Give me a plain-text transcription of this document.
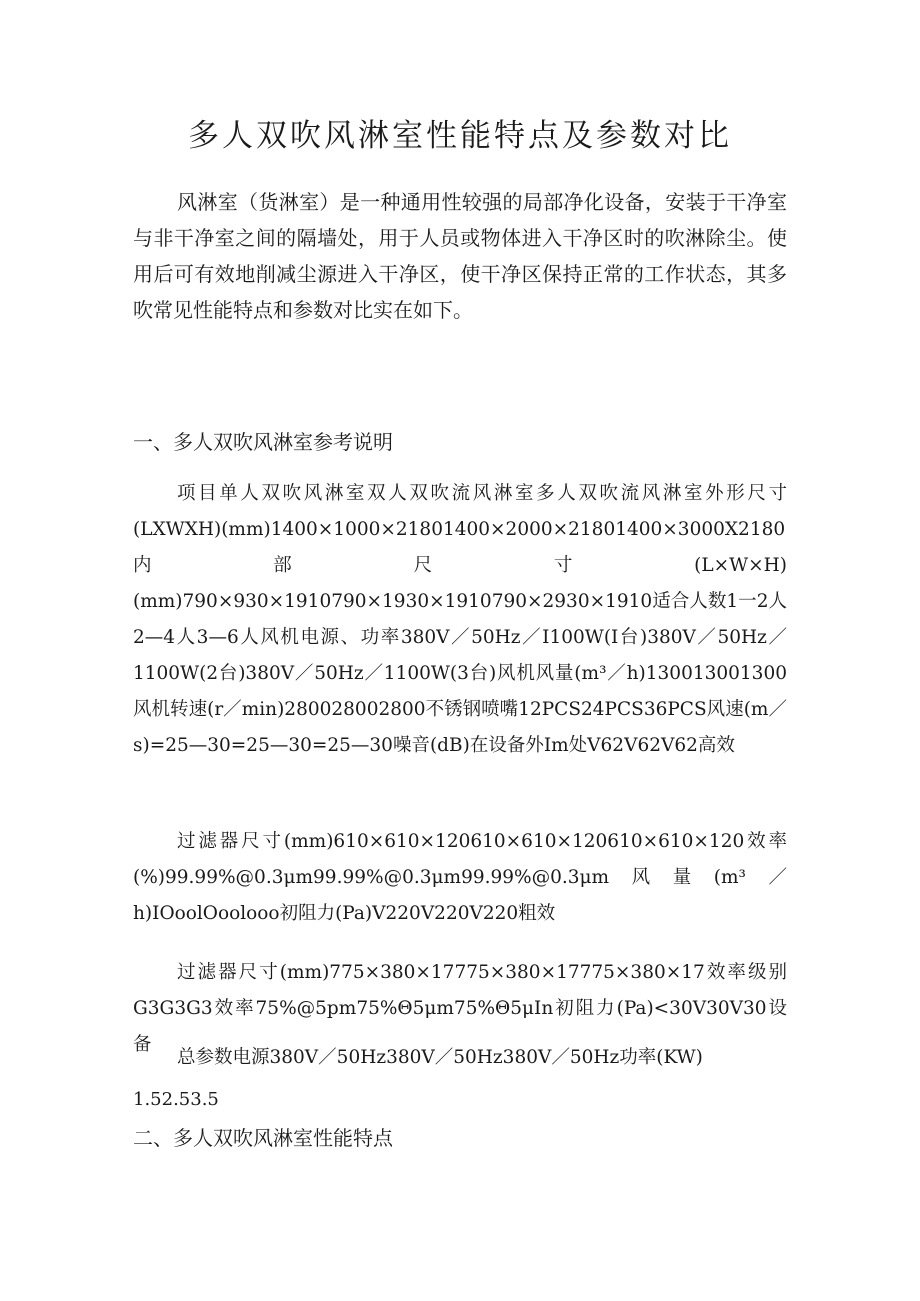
多人双吹风淋室性能特点及参数对比

风淋室（货淋室）是一种通用性较强的局部净化设备，安装于干净室与非干净室之间的隔墙处，用于人员或物体进入干净区时的吹淋除尘。使用后可有效地削减尘源进入干净区，使干净区保持正常的工作状态，其多吹常见性能特点和参数对比实在如下。

一、多人双吹风淋室参考说明

项目单人双吹风淋室双人双吹流风淋室多人双吹流风淋室外形尺寸(LXWXH)(mm)1400×1000×21801400×2000×21801400×3000X2180内部尺寸(L×W×H)(mm)790×930×1910790×1930×1910790×2930×1910适合人数1一2人2—4人3—6人风机电源、功率380V／50Hz／I100W(I台)380V／50Hz／1100W(2台)380V／50Hz／1100W(3台)风机风量(m³／h)130013001300风机转速(r／min)280028002800不锈钢喷嘴12PCS24PCS36PCS风速(m／s)=25—30=25—30=25—30噪音(dB)在设备外Im处V62V62V62高效

过滤器尺寸(mm)610×610×120610×610×120610×610×120效率(%)99.99%@0.3μm99.99%@0.3μm99.99%@0.3μm风量(m³／h)IOoolOoolooo初阻力(Pa)V220V220V220粗效

过滤器尺寸(mm)775×380×17775×380×17775×380×17效率级别G3G3G3效率75%@5pm75%Θ5μm75%Θ5μIn初阻力(Pa)<30V30V30设备

总参数电源380V／50Hz380V／50Hz380V／50Hz功率(KW)

1.52.53.5

二、多人双吹风淋室性能特点
